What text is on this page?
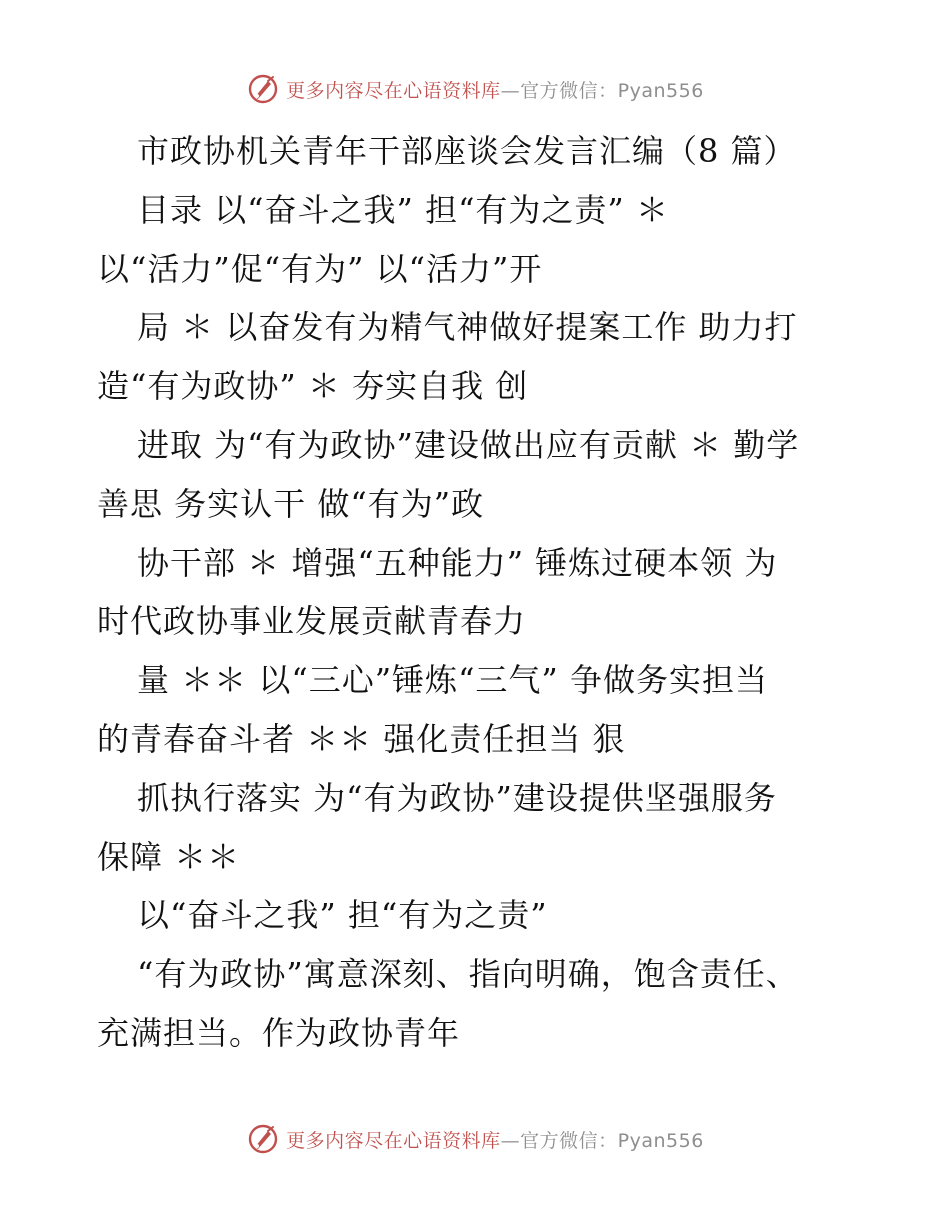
更多内容尽在心语资料库—官方微信：Pyan556
市政协机关青年干部座谈会发言汇编（8 篇）
目录 以“奋斗之我” 担“有为之责” ＊
以“活力”促“有为” 以“活力”开
局 ＊ 以奋发有为精气神做好提案工作 助力打
造“有为政协” ＊ 夯实自我 创
进取 为“有为政协”建设做出应有贡献 ＊ 勤学
善思 务实认干 做“有为”政
协干部 ＊ 增强“五种能力” 锤炼过硬本领 为
时代政协事业发展贡献青春力
量 ＊＊ 以“三心”锤炼“三气” 争做务实担当
的青春奋斗者 ＊＊ 强化责任担当 狠
抓执行落实 为“有为政协”建设提供坚强服务
保障 ＊＊
以“奋斗之我” 担“有为之责”
“有为政协”寓意深刻、指向明确，饱含责任、
充满担当。作为政协青年
更多内容尽在心语资料库—官方微信：Pyan556
